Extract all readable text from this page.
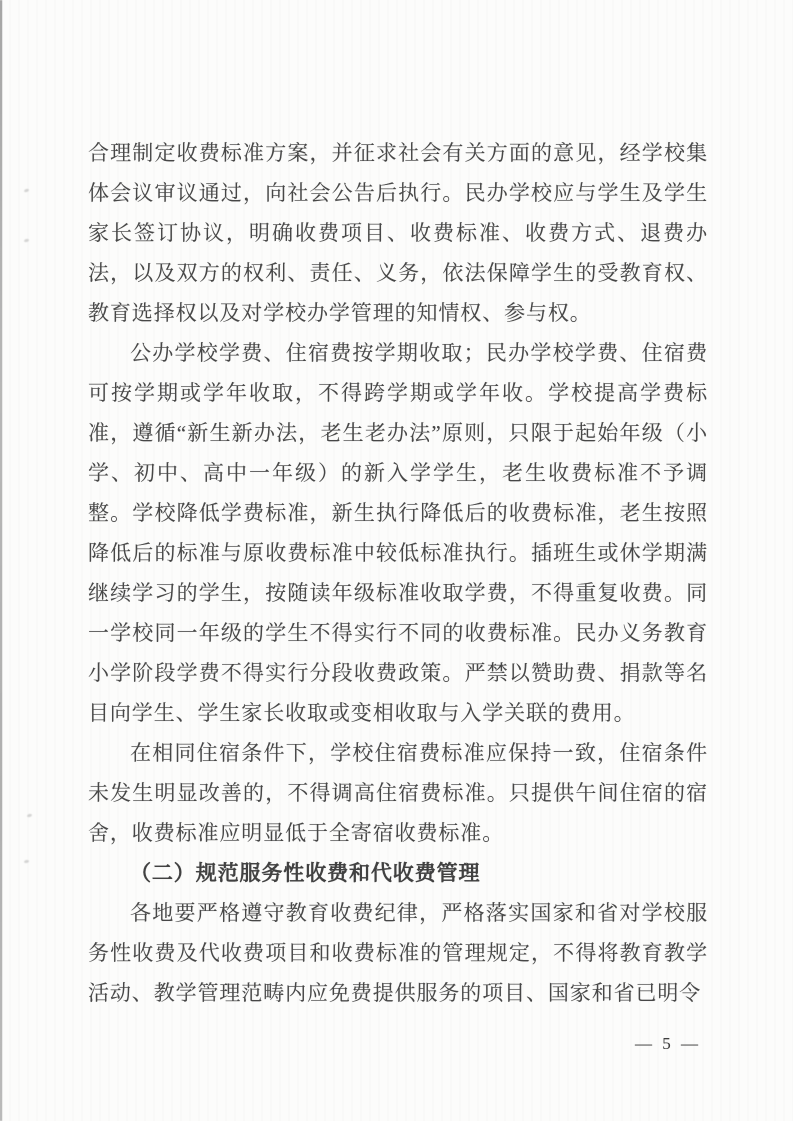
合理制定收费标准方案，并征求社会有关方面的意见，经学校集体会议审议通过，向社会公告后执行。民办学校应与学生及学生家长签订协议，明确收费项目、收费标准、收费方式、退费办法，以及双方的权利、责任、义务，依法保障学生的受教育权、教育选择权以及对学校办学管理的知情权、参与权。

公办学校学费、住宿费按学期收取；民办学校学费、住宿费可按学期或学年收取，不得跨学期或学年收。学校提高学费标准，遵循“新生新办法，老生老办法”原则，只限于起始年级（小学、初中、高中一年级）的新入学学生，老生收费标准不予调整。学校降低学费标准，新生执行降低后的收费标准，老生按照降低后的标准与原收费标准中较低标准执行。插班生或休学期满继续学习的学生，按随读年级标准收取学费，不得重复收费。同一学校同一年级的学生不得实行不同的收费标准。民办义务教育小学阶段学费不得实行分段收费政策。严禁以赞助费、捐款等名目向学生、学生家长收取或变相收取与入学关联的费用。

在相同住宿条件下，学校住宿费标准应保持一致，住宿条件未发生明显改善的，不得调高住宿费标准。只提供午间住宿的宿舍，收费标准应明显低于全寄宿收费标准。

（二）规范服务性收费和代收费管理

各地要严格遵守教育收费纪律，严格落实国家和省对学校服务性收费及代收费项目和收费标准的管理规定，不得将教育教学活动、教学管理范畴内应免费提供服务的项目、国家和省已明令

— 5 —
